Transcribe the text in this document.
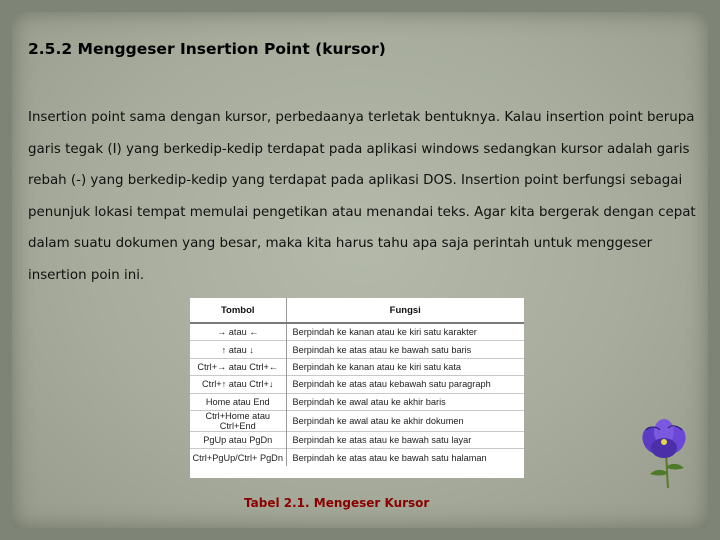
2.5.2 Menggeser Insertion Point (kursor)

Insertion point sama dengan kursor, perbedaanya terletak bentuknya. Kalau insertion point berupa garis tegak (I) yang berkedip-kedip terdapat pada aplikasi windows sedangkan kursor adalah garis rebah (-) yang berkedip-kedip yang terdapat pada aplikasi DOS. Insertion point berfungsi sebagai penunjuk lokasi tempat memulai pengetikan atau menandai teks. Agar kita bergerak dengan cepat dalam suatu dokumen yang besar, maka kita harus tahu apa saja perintah untuk menggeser insertion poin ini.

Tombol	Fungsi
→ atau ←	Berpindah ke kanan atau ke kiri satu karakter
↑ atau ↓	Berpindah ke atas atau ke bawah satu baris
Ctrl+→ atau Ctrl+←	Berpindah ke kanan atau ke kiri satu kata
Ctrl+↑ atau Ctrl+↓	Berpindah ke atas atau kebawah satu paragraph
Home atau End	Berpindah ke awal atau ke akhir baris
Ctrl+Home atau Ctrl+End	Berpindah ke awal atau ke akhir dokumen
PgUp atau PgDn	Berpindah ke atas atau ke bawah satu layar
Ctrl+PgUp/Ctrl+ PgDn	Berpindah ke atas atau ke bawah satu halaman
Tabel 2.1. Mengeser Kursor
